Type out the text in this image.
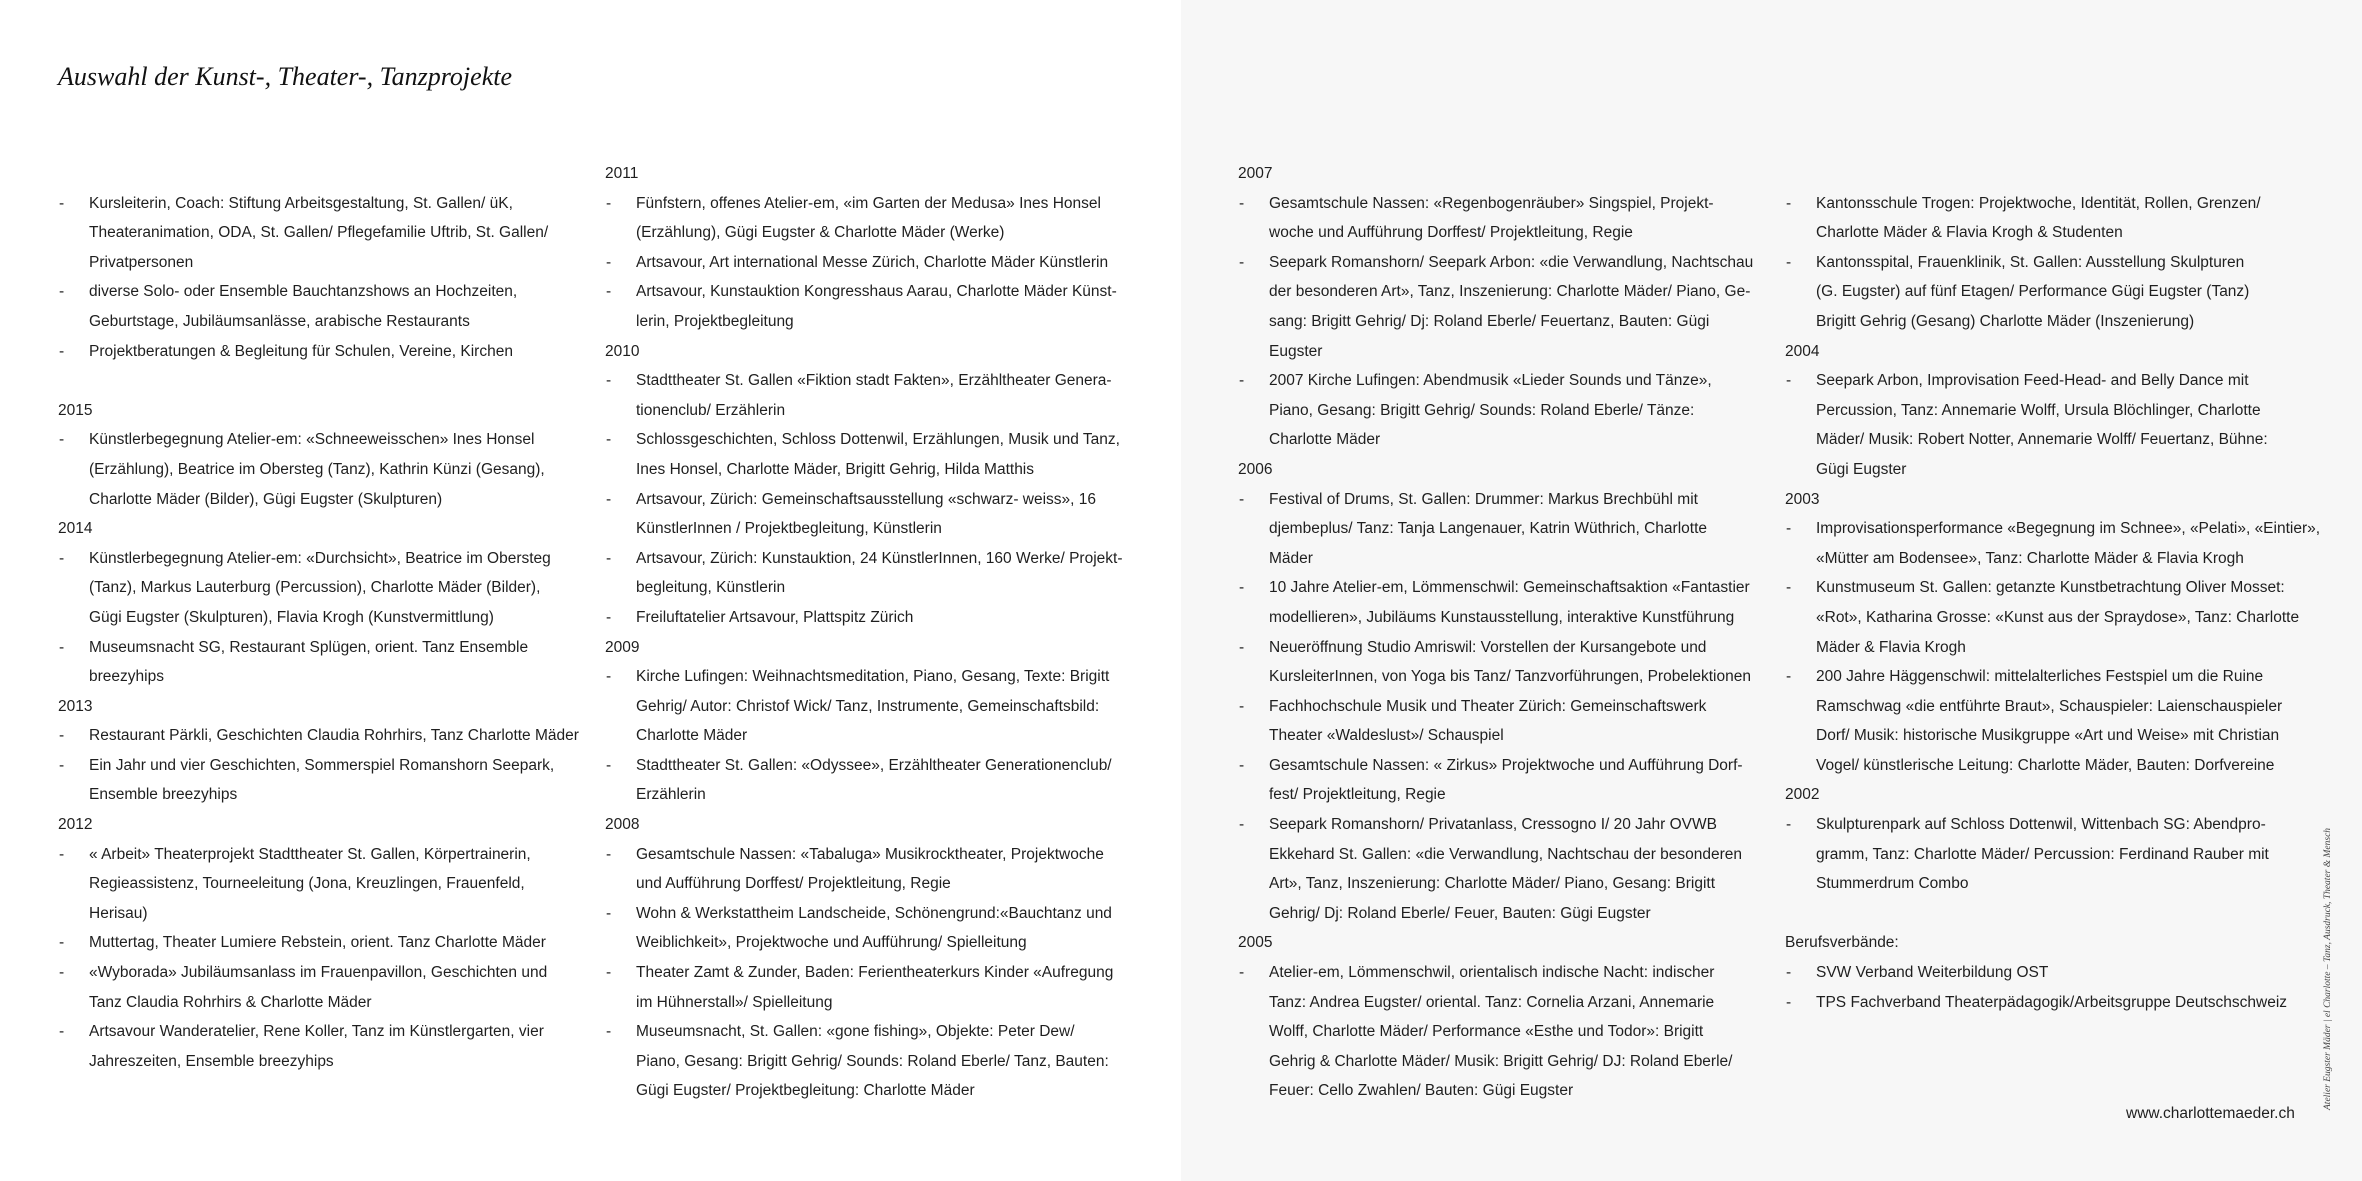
Auswahl der Kunst-, Theater-, Tanzprojekte
- Kursleiterin, Coach: Stiftung Arbeitsgestaltung, St. Gallen/ üK,
Theateranimation, ODA, St. Gallen/ Pflegefamilie Uftrib, St. Gallen/
Privatpersonen
- diverse Solo- oder Ensemble Bauchtanzshows an Hochzeiten,
Geburtstage, Jubiläumsanlässe, arabische Restaurants
- Projektberatungen & Begleitung für Schulen, Vereine, Kirchen
2015
- Künstlerbegegnung Atelier-em: «Schneeweisschen» Ines Honsel
(Erzählung), Beatrice im Obersteg (Tanz), Kathrin Künzi (Gesang),
Charlotte Mäder (Bilder), Gügi Eugster (Skulpturen)
2014
- Künstlerbegegnung Atelier-em: «Durchsicht», Beatrice im Obersteg
(Tanz), Markus Lauterburg (Percussion), Charlotte Mäder (Bilder),
Gügi Eugster (Skulpturen), Flavia Krogh (Kunstvermittlung)
- Museumsnacht SG, Restaurant Splügen, orient. Tanz Ensemble
breezyhips
2013
- Restaurant Pärkli, Geschichten Claudia Rohrhirs, Tanz Charlotte Mäder
- Ein Jahr und vier Geschichten, Sommerspiel Romanshorn Seepark,
Ensemble breezyhips
2012
- « Arbeit» Theaterprojekt Stadttheater St. Gallen, Körpertrainerin,
Regieassistenz, Tourneeleitung (Jona, Kreuzlingen, Frauenfeld,
Herisau)
- Muttertag, Theater Lumiere Rebstein, orient. Tanz Charlotte Mäder
- «Wyborada» Jubiläumsanlass im Frauenpavillon, Geschichten und
Tanz Claudia Rohrhirs & Charlotte Mäder
- Artsavour Wanderatelier, Rene Koller, Tanz im Künstlergarten, vier
Jahreszeiten, Ensemble breezyhips
2011
- Fünfstern, offenes Atelier-em, «im Garten der Medusa» Ines Honsel
(Erzählung), Gügi Eugster & Charlotte Mäder (Werke)
- Artsavour, Art international Messe Zürich, Charlotte Mäder Künstlerin
- Artsavour, Kunstauktion Kongresshaus Aarau, Charlotte Mäder Künst-
lerin, Projektbegleitung
2010
- Stadttheater St. Gallen «Fiktion stadt Fakten», Erzähltheater Genera-
tionenclub/ Erzählerin
- Schlossgeschichten, Schloss Dottenwil, Erzählungen, Musik und Tanz,
Ines Honsel, Charlotte Mäder, Brigitt Gehrig, Hilda Matthis
- Artsavour, Zürich: Gemeinschaftsausstellung «schwarz- weiss», 16
KünstlerInnen / Projektbegleitung, Künstlerin
- Artsavour, Zürich: Kunstauktion, 24 KünstlerInnen, 160 Werke/ Projekt-
begleitung, Künstlerin
- Freiluftatelier Artsavour, Plattspitz Zürich
2009
- Kirche Lufingen: Weihnachtsmeditation, Piano, Gesang, Texte: Brigitt
Gehrig/ Autor: Christof Wick/ Tanz, Instrumente, Gemeinschaftsbild:
Charlotte Mäder
- Stadttheater St. Gallen: «Odyssee», Erzähltheater Generationenclub/
Erzählerin
2008
- Gesamtschule Nassen: «Tabaluga» Musikrocktheater, Projektwoche
und Aufführung Dorffest/ Projektleitung, Regie
- Wohn & Werkstattheim Landscheide, Schönengrund:«Bauchtanz und
Weiblichkeit», Projektwoche und Aufführung/ Spielleitung
- Theater Zamt & Zunder, Baden: Ferientheaterkurs Kinder «Aufregung
im Hühnerstall»/ Spielleitung
- Museumsnacht, St. Gallen: «gone fishing», Objekte: Peter Dew/
Piano, Gesang: Brigitt Gehrig/ Sounds: Roland Eberle/ Tanz, Bauten:
Gügi Eugster/ Projektbegleitung: Charlotte Mäder
2007
- Gesamtschule Nassen: «Regenbogenräuber» Singspiel, Projekt-
woche und Aufführung Dorffest/ Projektleitung, Regie
- Seepark Romanshorn/ Seepark Arbon: «die Verwandlung, Nachtschau
der besonderen Art», Tanz, Inszenierung: Charlotte Mäder/ Piano, Ge-
sang: Brigitt Gehrig/ Dj: Roland Eberle/ Feuertanz, Bauten: Gügi
Eugster
- 2007 Kirche Lufingen: Abendmusik «Lieder Sounds und Tänze»,
Piano, Gesang: Brigitt Gehrig/ Sounds: Roland Eberle/ Tänze:
Charlotte Mäder
2006
- Festival of Drums, St. Gallen: Drummer: Markus Brechbühl mit
djembeplus/ Tanz: Tanja Langenauer, Katrin Wüthrich, Charlotte
Mäder
- 10 Jahre Atelier-em, Lömmenschwil: Gemeinschaftsaktion «Fantastier
modellieren», Jubiläums Kunstausstellung, interaktive Kunstführung
- Neueröffnung Studio Amriswil: Vorstellen der Kursangebote und
KursleiterInnen, von Yoga bis Tanz/ Tanzvorführungen, Probelektionen
- Fachhochschule Musik und Theater Zürich: Gemeinschaftswerk
Theater «Waldeslust»/ Schauspiel
- Gesamtschule Nassen: « Zirkus» Projektwoche und Aufführung Dorf-
fest/ Projektleitung, Regie
- Seepark Romanshorn/ Privatanlass, Cressogno I/ 20 Jahr OVWB
Ekkehard St. Gallen: «die Verwandlung, Nachtschau der besonderen
Art», Tanz, Inszenierung: Charlotte Mäder/ Piano, Gesang: Brigitt
Gehrig/ Dj: Roland Eberle/ Feuer, Bauten: Gügi Eugster
2005
- Atelier-em, Lömmenschwil, orientalisch indische Nacht: indischer
Tanz: Andrea Eugster/ oriental. Tanz: Cornelia Arzani, Annemarie
Wolff, Charlotte Mäder/ Performance «Esthe und Todor»: Brigitt
Gehrig & Charlotte Mäder/ Musik: Brigitt Gehrig/ DJ: Roland Eberle/
Feuer: Cello Zwahlen/ Bauten: Gügi Eugster
- Kantonsschule Trogen: Projektwoche, Identität, Rollen, Grenzen/
Charlotte Mäder & Flavia Krogh & Studenten
- Kantonsspital, Frauenklinik, St. Gallen: Ausstellung Skulpturen
(G. Eugster) auf fünf Etagen/ Performance Gügi Eugster (Tanz)
Brigitt Gehrig (Gesang) Charlotte Mäder (Inszenierung)
2004
- Seepark Arbon, Improvisation Feed-Head- and Belly Dance mit
Percussion, Tanz: Annemarie Wolff, Ursula Blöchlinger, Charlotte
Mäder/ Musik: Robert Notter, Annemarie Wolff/ Feuertanz, Bühne:
Gügi Eugster
2003
- Improvisationsperformance «Begegnung im Schnee», «Pelati», «Eintier»,
«Mütter am Bodensee», Tanz: Charlotte Mäder & Flavia Krogh
- Kunstmuseum St. Gallen: getanzte Kunstbetrachtung Oliver Mosset:
«Rot», Katharina Grosse: «Kunst aus der Spraydose», Tanz: Charlotte
Mäder & Flavia Krogh
- 200 Jahre Häggenschwil: mittelalterliches Festspiel um die Ruine
Ramschwag «die entführte Braut», Schauspieler: Laienschauspieler
Dorf/ Musik: historische Musikgruppe «Art und Weise» mit Christian
Vogel/ künstlerische Leitung: Charlotte Mäder, Bauten: Dorfvereine
2002
- Skulpturenpark auf Schloss Dottenwil, Wittenbach SG: Abendpro-
gramm, Tanz: Charlotte Mäder/ Percussion: Ferdinand Rauber mit
Stummerdrum Combo
Berufsverbände:
- SVW Verband Weiterbildung OST
- TPS Fachverband Theaterpädagogik/Arbeitsgruppe Deutschschweiz
www.charlottemaeder.ch
Atelier Eugster Mäder | el Charlotte – Tanz, Ausdruck, Theater & Mensch
